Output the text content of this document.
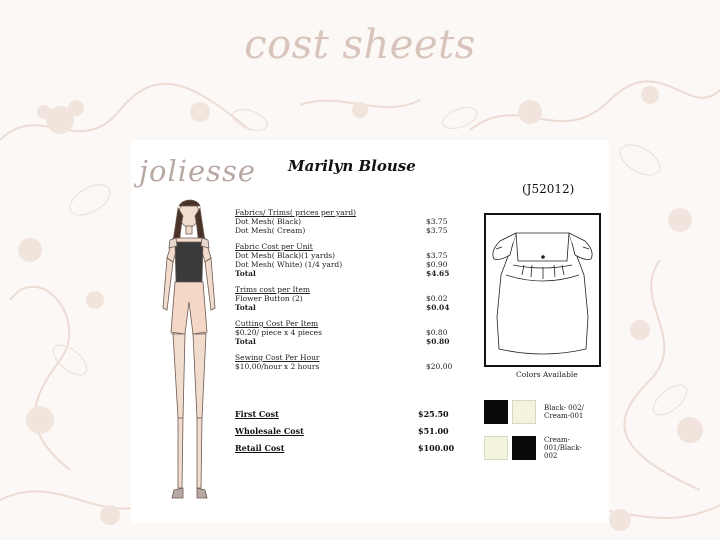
cost sheets
joliesse Marilyn Blouse
(J52012)
Fabrics/ Trims( prices per yard)
Dot Mesh( Black)	$3.75
Dot Mesh( Cream)	$3.75
Fabric Cost per Unit
Dot Mesh( Black)(1 yards)	$3.75
Dot Mesh( White) (1/4 yard)	$0.90
Total	$4.65
Trims cost per Item
Flower Button (2)	$0.02
Total	$0.04
Cutting Cost Per Item
$0.20/ piece x 4 pieces	$0.80
Total	$0.80
Sewing Cost Per Hour
$10.00/hour x 2 hours	$20.00
First Cost	$25.50
Wholesale Cost	$51.00
Retail Cost	$100.00
Colors Available
Black- 002/ Cream-001
Cream-001/Black-002
